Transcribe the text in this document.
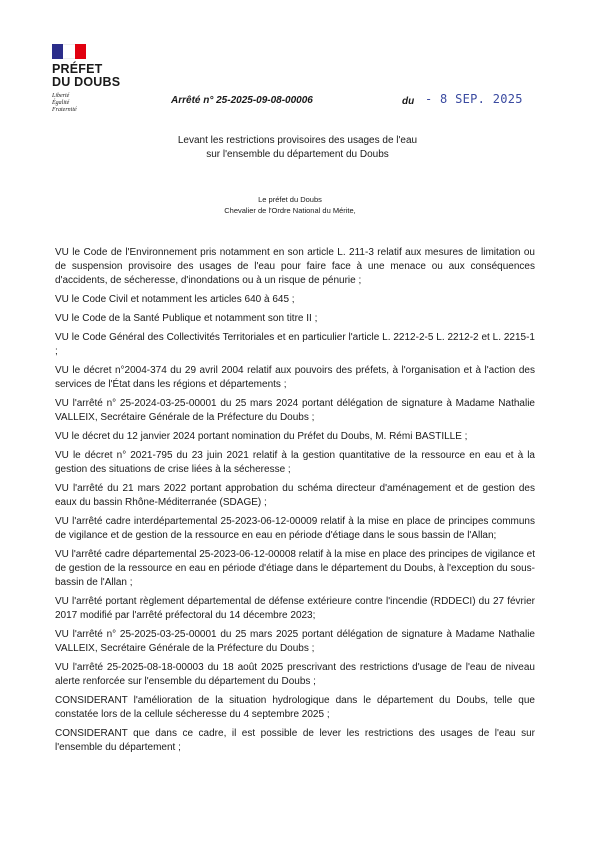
PRÉFET
DU DOUBS
Liberté
Égalité
Fraternité
Arrêté n° 25-2025-09-08-00006	du - 8 SEP. 2025
Levant les restrictions provisoires des usages de l'eau
sur l'ensemble du département du Doubs
Le préfet du Doubs
Chevalier de l'Ordre National du Mérite,

VU le Code de l'Environnement pris notamment en son article L. 211-3 relatif aux mesures de limitation ou de suspension provisoire des usages de l'eau pour faire face à une menace ou aux conséquences d'accidents, de sécheresse, d'inondations ou à un risque de pénurie ;

VU le Code Civil et notamment les articles 640 à 645 ;

VU le Code de la Santé Publique et notamment son titre II ;

VU le Code Général des Collectivités Territoriales et en particulier l'article L. 2212-2-5 L. 2212-2 et L. 2215-1 ;

VU le décret n°2004-374 du 29 avril 2004 relatif aux pouvoirs des préfets, à l'organisation et à l'action des services de l'État dans les régions et départements ;

VU l'arrêté n° 25-2024-03-25-00001 du 25 mars 2024 portant délégation de signature à Madame Nathalie VALLEIX, Secrétaire Générale de la Préfecture du Doubs ;

VU le décret du 12 janvier 2024 portant nomination du Préfet du Doubs, M. Rémi BASTILLE ;

VU le décret n° 2021-795 du 23 juin 2021 relatif à la gestion quantitative de la ressource en eau et à la gestion des situations de crise liées à la sécheresse ;

VU l'arrêté du 21 mars 2022 portant approbation du schéma directeur d'aménagement et de gestion des eaux du bassin Rhône-Méditerranée (SDAGE) ;

VU l'arrêté cadre interdépartemental 25-2023-06-12-00009 relatif à la mise en place de principes communs de vigilance et de gestion de la ressource en eau en période d'étiage dans le sous bassin de l'Allan;

VU l'arrêté cadre départemental 25-2023-06-12-00008 relatif à la mise en place des principes de vigilance et de gestion de la ressource en eau en période d'étiage dans le département du Doubs, à l'exception du sous-bassin de l'Allan ;

VU l'arrêté portant règlement départemental de défense extérieure contre l'incendie (RDDECI) du 27 février 2017 modifié par l'arrêté préfectoral du 14 décembre 2023;

VU l'arrêté n° 25-2025-03-25-00001 du 25 mars 2025 portant délégation de signature à Madame Nathalie VALLEIX, Secrétaire Générale de la Préfecture du Doubs ;

VU l'arrêté 25-2025-08-18-00003 du 18 août 2025 prescrivant des restrictions d'usage de l'eau de niveau alerte renforcée sur l'ensemble du département du Doubs ;

CONSIDERANT l'amélioration de la situation hydrologique dans le département du Doubs, telle que constatée lors de la cellule sécheresse du 4 septembre 2025 ;

CONSIDERANT que dans ce cadre, il est possible de lever les restrictions des usages de l'eau sur l'ensemble du département ;
